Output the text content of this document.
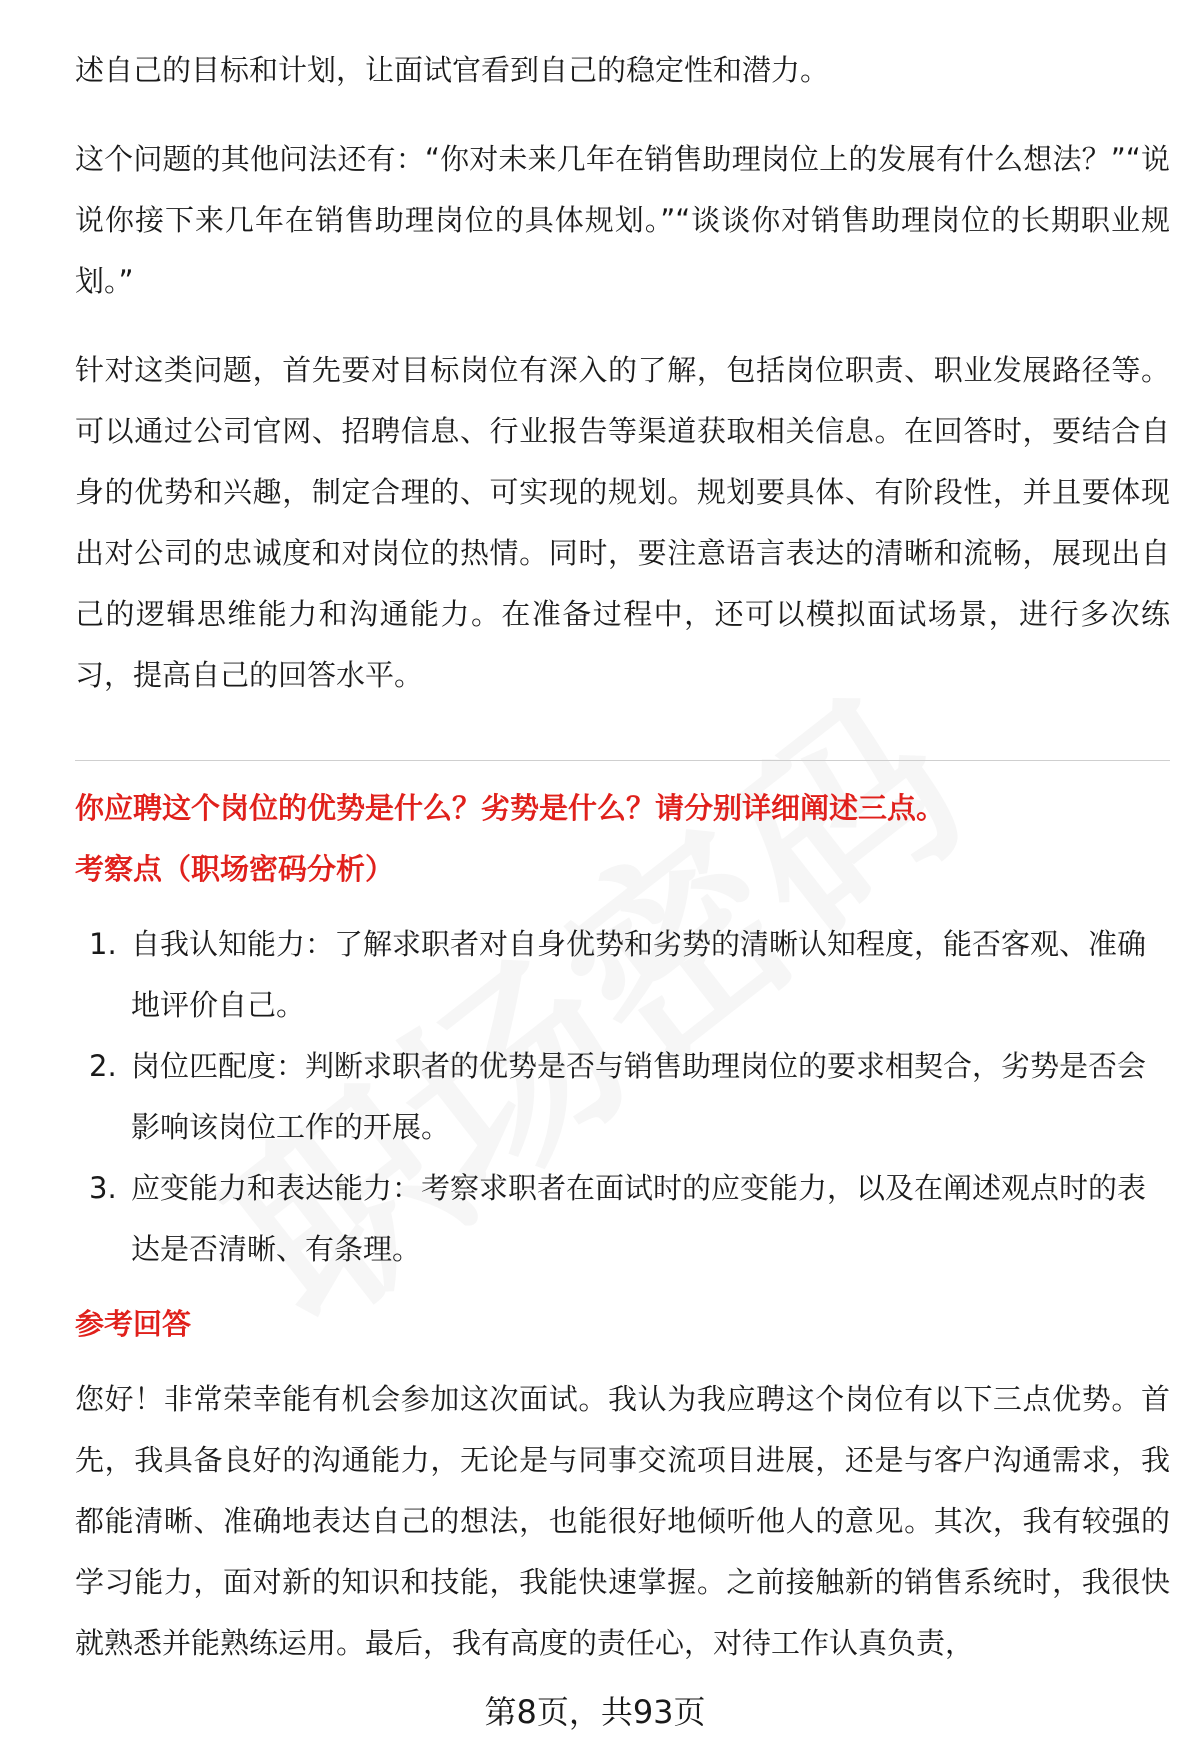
述自己的目标和计划，让面试官看到自己的稳定性和潜力。

这个问题的其他问法还有：“你对未来几年在销售助理岗位上的发展有什么想法？”“说说你接下来几年在销售助理岗位的具体规划。”“谈谈你对销售助理岗位的长期职业规划。”

针对这类问题，首先要对目标岗位有深入的了解，包括岗位职责、职业发展路径等。可以通过公司官网、招聘信息、行业报告等渠道获取相关信息。在回答时，要结合自身的优势和兴趣，制定合理的、可实现的规划。规划要具体、有阶段性，并且要体现出对公司的忠诚度和对岗位的热情。同时，要注意语言表达的清晰和流畅，展现出自己的逻辑思维能力和沟通能力。在准备过程中，还可以模拟面试场景，进行多次练习，提高自己的回答水平。

你应聘这个岗位的优势是什么？劣势是什么？请分别详细阐述三点。

考察点（职场密码分析）

1. 自我认知能力：了解求职者对自身优势和劣势的清晰认知程度，能否客观、准确地评价自己。
2. 岗位匹配度：判断求职者的优势是否与销售助理岗位的要求相契合，劣势是否会影响该岗位工作的开展。
3. 应变能力和表达能力：考察求职者在面试时的应变能力，以及在阐述观点时的表达是否清晰、有条理。

参考回答

您好！非常荣幸能有机会参加这次面试。我认为我应聘这个岗位有以下三点优势。首先，我具备良好的沟通能力，无论是与同事交流项目进展，还是与客户沟通需求，我都能清晰、准确地表达自己的想法，也能很好地倾听他人的意见。其次，我有较强的学习能力，面对新的知识和技能，我能快速掌握。之前接触新的销售系统时，我很快就熟悉并能熟练运用。最后，我有高度的责任心，对待工作认真负责，

第8页，共93页
